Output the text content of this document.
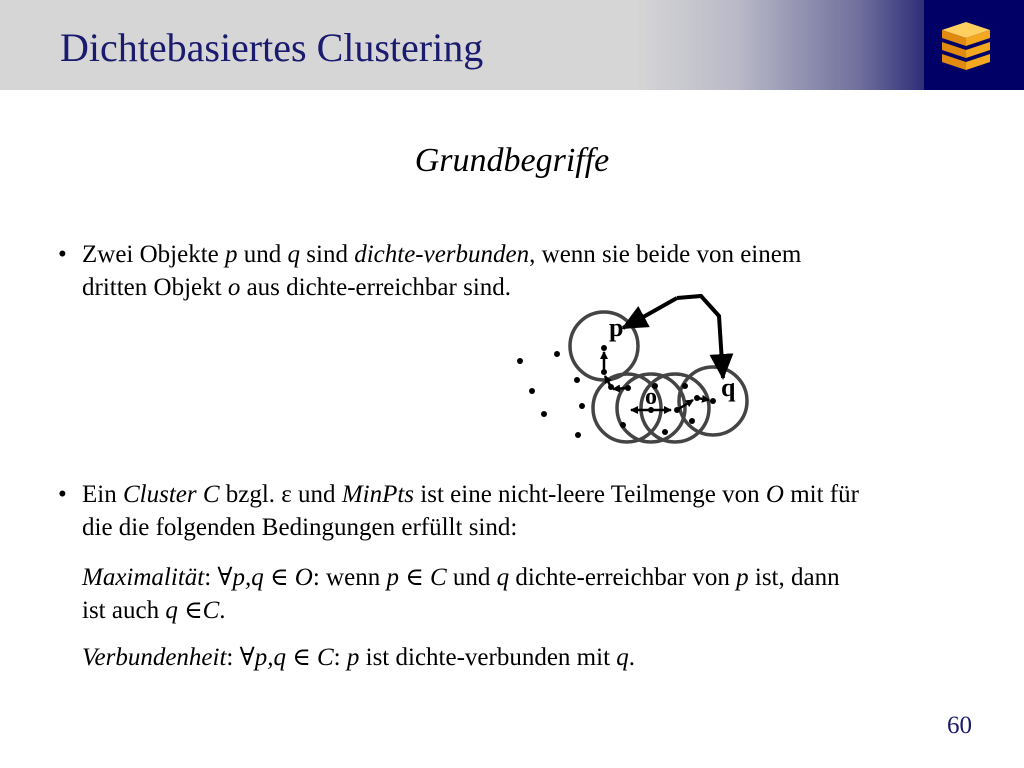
Dichtebasiertes Clustering
Grundbegriffe
• Zwei Objekte p und q sind dichte-verbunden, wenn sie beide von einem
dritten Objekt o aus dichte-erreichbar sind.
p
o q
• Ein Cluster C bzgl. ε und MinPts ist eine nicht-leere Teilmenge von O mit für
die die folgenden Bedingungen erfüllt sind:
Maximalität: ∀p,q ∈ O: wenn p ∈ C und q dichte-erreichbar von p ist, dann
ist auch q ∈C.
Verbundenheit: ∀p,q ∈ C: p ist dichte-verbunden mit q.
60
